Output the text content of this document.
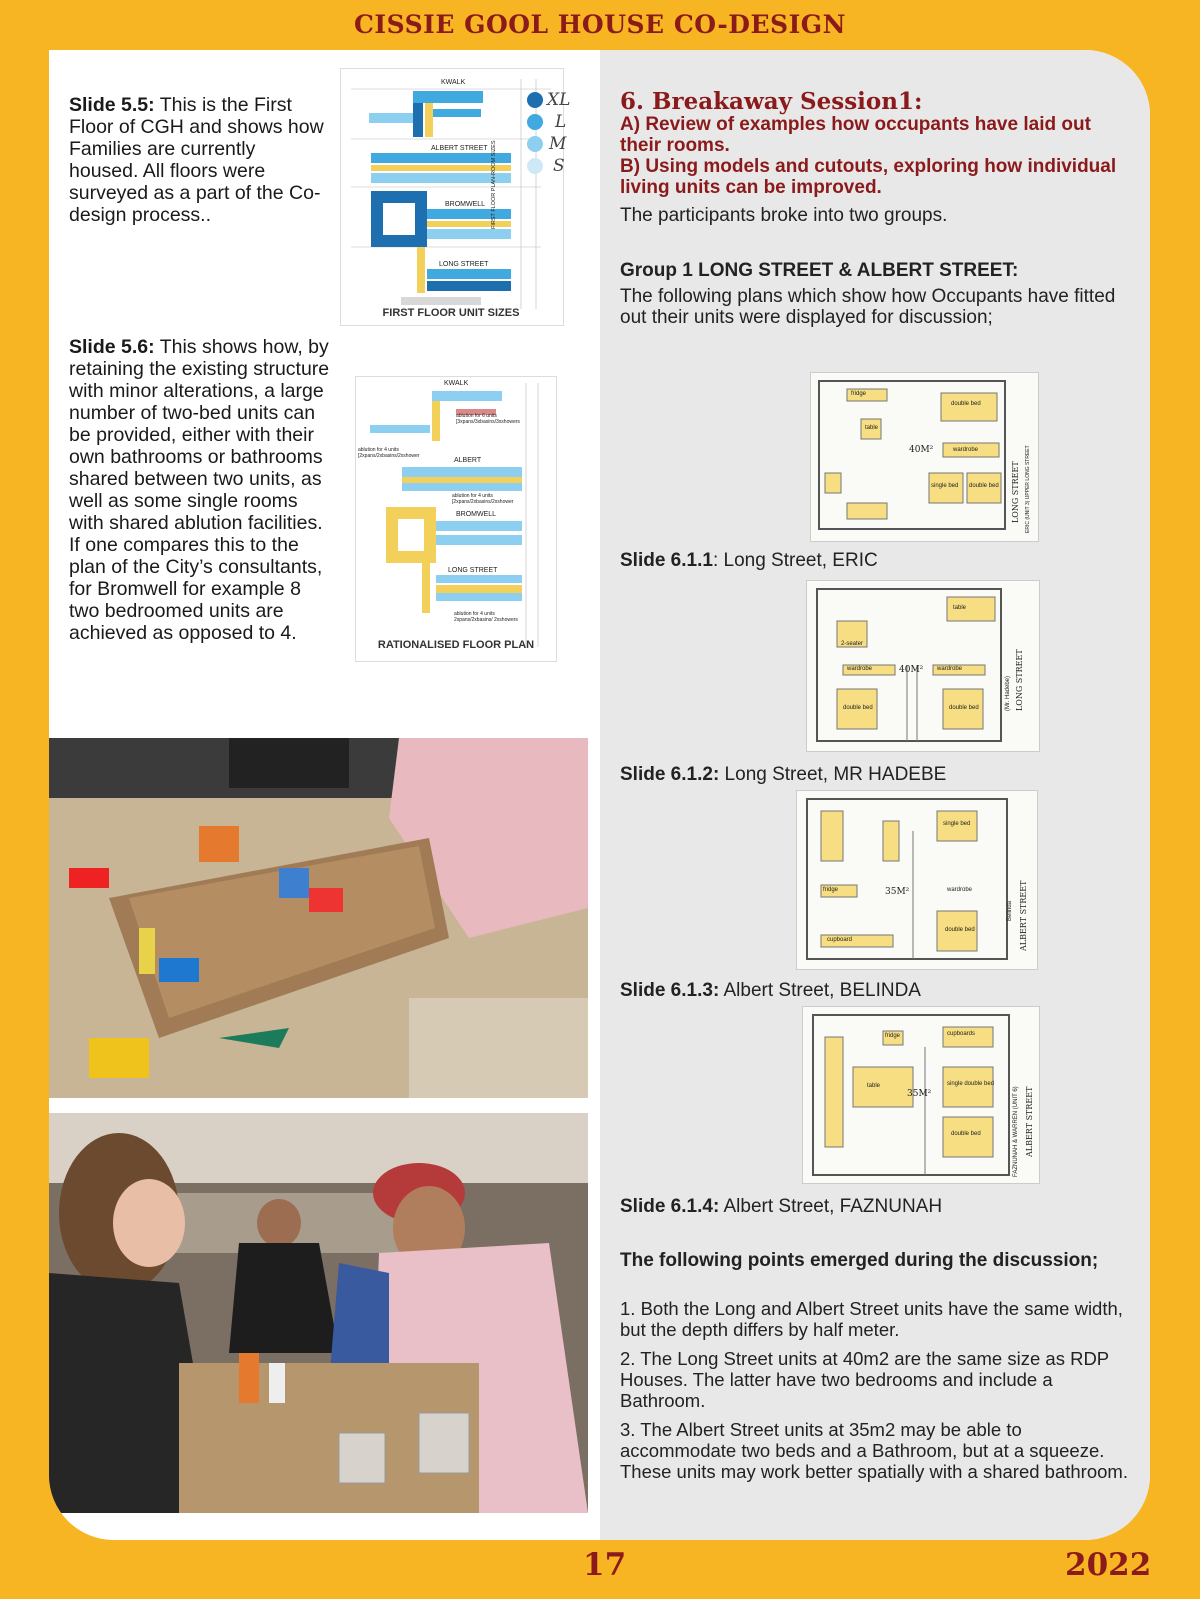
CISSIE GOOL HOUSE CO-DESIGN
Slide 5.5: This is the First Floor of CGH and shows how Families are currently housed. All floors were surveyed as a part of the Co-design process..
KWALK
ALBERT STREET
BROMWELL
LONG STREET
FIRST FLOOR UNIT SIZES
FIRST FLOOR PLAN-ROOM SIZES
XL
L
M
S
Slide 5.6: This shows how, by retaining the existing structure with minor alterations, a large number of two-bed units can be provided, either with their own bathrooms or bathrooms shared between two units, as well as some single rooms with shared ablution facilities. If one compares this to the plan of the City’s consultants, for Bromwell for example 8 two bedroomed units are achieved as opposed to 4.
KWALK
ALBERT
BROMWELL
LONG STREET
ablution for 6 units [3xpans/3xbasins/3xshowers
ablution for 4 units [2xpans/2xbasins/2xshower
ablution for 4 units [2xpans/2xbasins/2xshower
ablution for 4 units 2xpans/2xbasins/ 2xshowers
RATIONALISED FLOOR PLAN
6. Breakaway Session1:
A) Review of examples how occupants have laid out their rooms.
B) Using models and cutouts, exploring how individual living units can be improved.
The participants broke into two groups.
Group 1 LONG STREET & ALBERT STREET:
The following plans which show how Occupants have fitted out their units were displayed for discussion;
40M²
double bed
wardrobe
single bed double bed
table
fridge
LONG STREET ERIC (UNIT 3) UPPER LONG STREET
Slide 6.1.1: Long Street, ERIC
40M²
wardrobe	wardrobe
double bed	double bed
2-seater
table
LONG STREET
(Mr. Hadebe)
Slide 6.1.2: Long Street, MR HADEBE
35M²
single bed
wardrobe
double bed
cupboard
fridge	ALBERT STREET
Belinda
Slide 6.1.3: Albert Street, BELINDA
35M²
cupboards
table	single double bed
double bed
fridge
ALBERT STREET
FAZNUNAH & WARREN (UNIT 6)
Slide 6.1.4: Albert Street, FAZNUNAH
The following points emerged during the discussion;
1. Both the Long and Albert Street units have the same width, but the depth differs by half meter.
2. The Long Street units at 40m2 are the same size as RDP Houses. The latter have two bedrooms and include a Bathroom.
3. The Albert Street units at 35m2 may be able to accommodate two beds and a Bathroom, but at a squeeze. These units may work better spatially with a shared bathroom.
17	2022
